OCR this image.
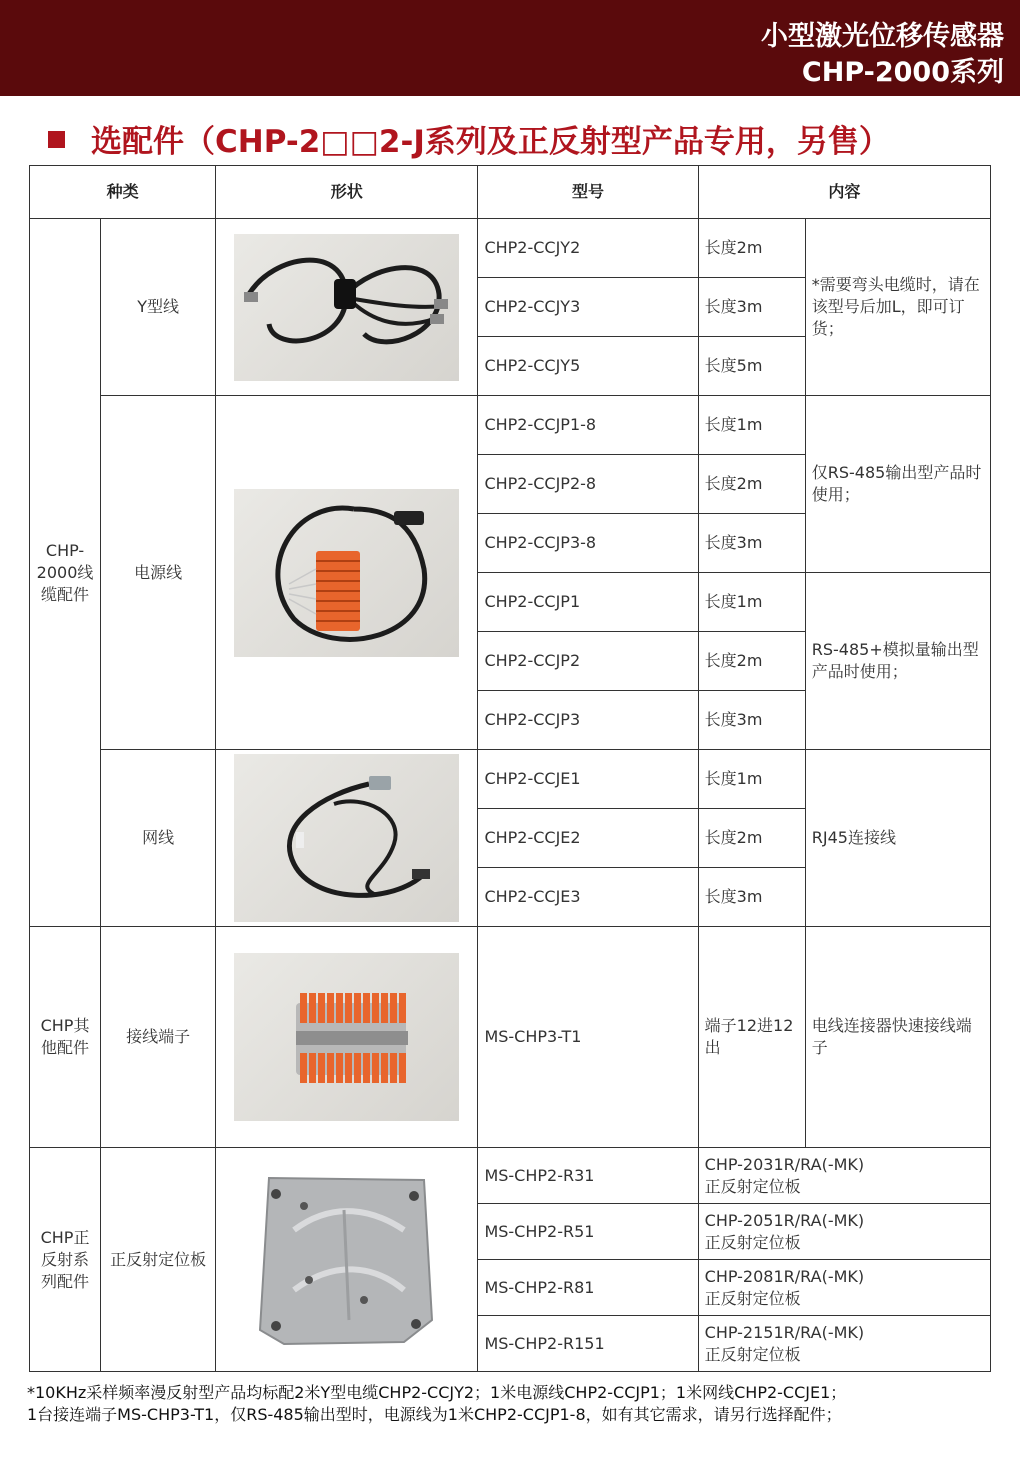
小型激光位移传感器
CHP-2000系列
选配件（CHP-2□□2-J系列及正反射型产品专用，另售）
种类		形状	型号	内容	
CHP-2000线缆配件	Y型线		CHP2-CCJY2	长度2m	*需要弯头电缆时，请在该型号后加L，即可订货；
			CHP2-CCJY3	长度3m	
			CHP2-CCJY5	长度5m	
	电源线		CHP2-CCJP1-8	长度1m	仅RS-485输出型产品时使用；
			CHP2-CCJP2-8	长度2m	
			CHP2-CCJP3-8	长度3m	
			CHP2-CCJP1	长度1m	RS-485+模拟量输出型产品时使用；
			CHP2-CCJP2	长度2m	
			CHP2-CCJP3	长度3m	
	网线		CHP2-CCJE1	长度1m	RJ45连接线
			CHP2-CCJE2	长度2m	
			CHP2-CCJE3	长度3m	
CHP其他配件	接线端子		MS-CHP3-T1	端子12进12出	电线连接器快速接线端子
CHP正反射系列配件	正反射定位板		MS-CHP2-R31	CHP-2031R/RA(-MK)
正反射定位板	
			MS-CHP2-R51	CHP-2051R/RA(-MK)
正反射定位板	
			MS-CHP2-R81	CHP-2081R/RA(-MK)
正反射定位板	
			MS-CHP2-R151	CHP-2151R/RA(-MK)
正反射定位板	
*10KHz采样频率漫反射型产品均标配2米Y型电缆CHP2-CCJY2；1米电源线CHP2-CCJP1；1米网线CHP2-CCJE1；
1台接连端子MS-CHP3-T1，仅RS-485输出型时，电源线为1米CHP2-CCJP1-8，如有其它需求，请另行选择配件；
